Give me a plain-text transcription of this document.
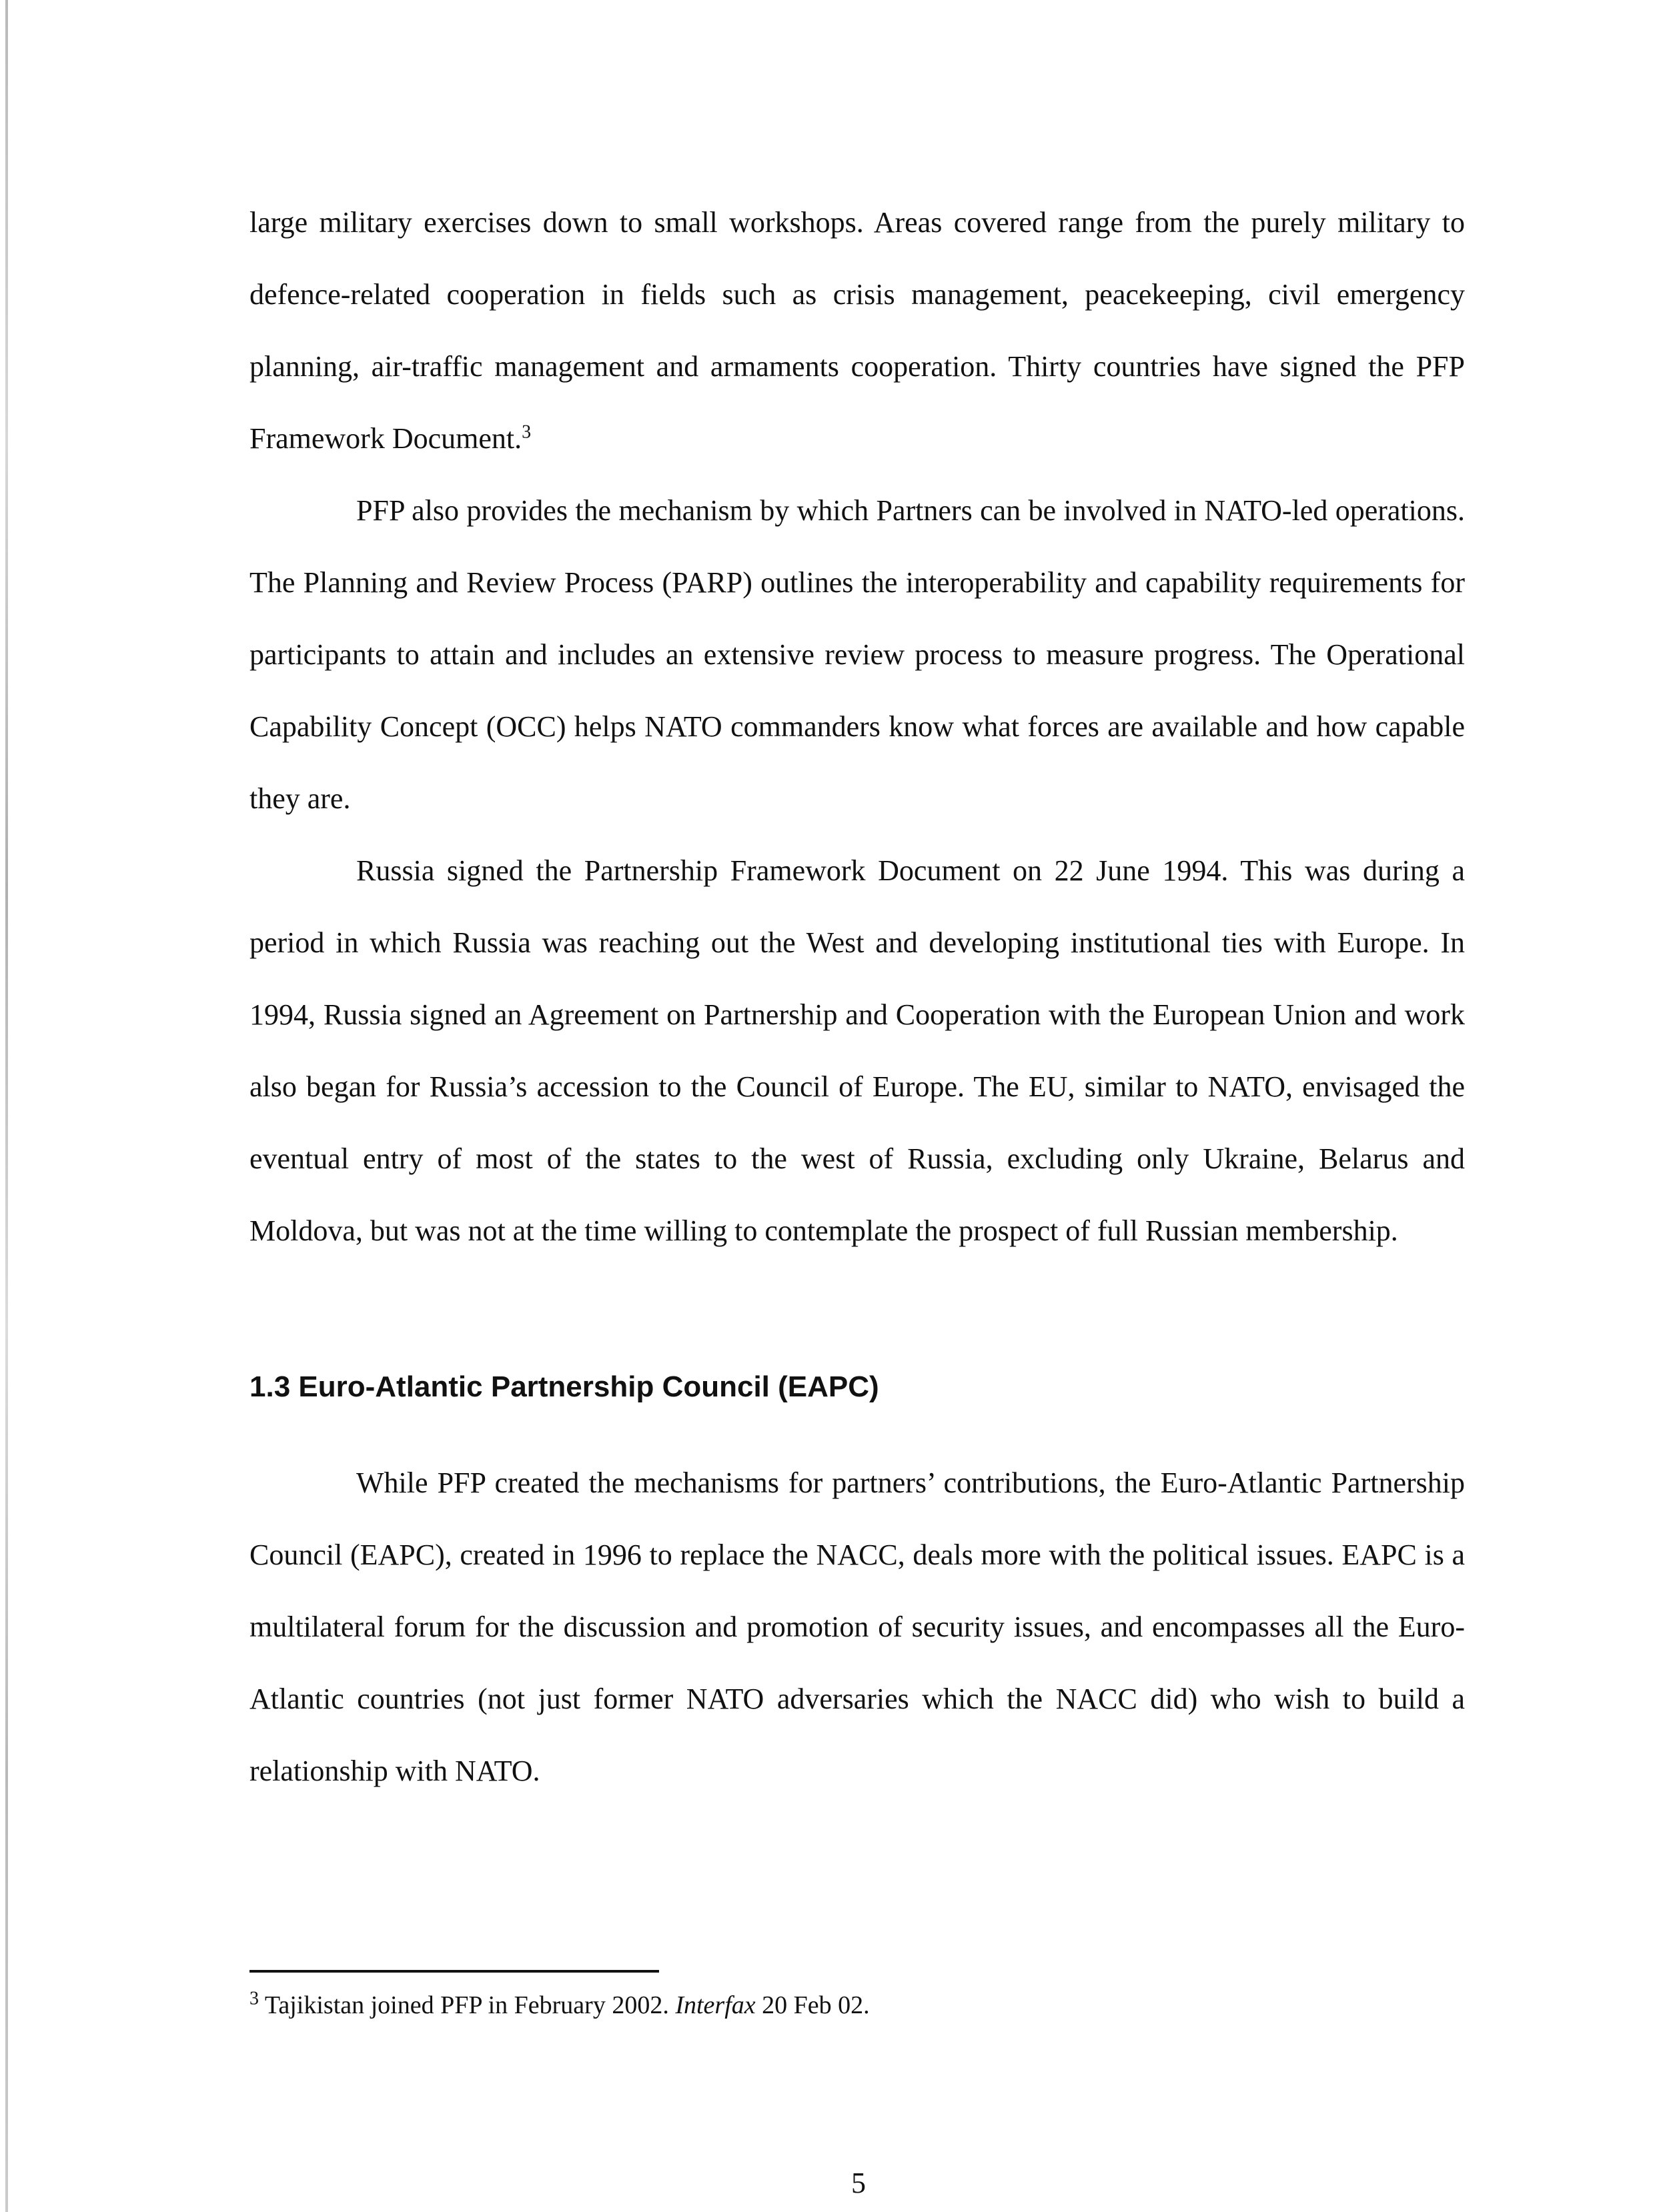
large military exercises down to small workshops. Areas covered range from the purely military to defence-related cooperation in fields such as crisis management, peacekeeping, civil emergency planning, air-traffic management and armaments cooperation. Thirty countries have signed the PFP Framework Document.$^3$

PFP also provides the mechanism by which Partners can be involved in NATO-led operations. The Planning and Review Process (PARP) outlines the interoperability and capability requirements for participants to attain and includes an extensive review process to measure progress. The Operational Capability Concept (OCC) helps NATO commanders know what forces are available and how capable they are.

Russia signed the Partnership Framework Document on 22 June 1994. This was during a period in which Russia was reaching out the West and developing institutional ties with Europe. In 1994, Russia signed an Agreement on Partnership and Cooperation with the European Union and work also began for Russia’s accession to the Council of Europe. The EU, similar to NATO, envisaged the eventual entry of most of the states to the west of Russia, excluding only Ukraine, Belarus and Moldova, but was not at the time willing to contemplate the prospect of full Russian membership.

1.3 Euro-Atlantic Partnership Council (EAPC)

While PFP created the mechanisms for partners’ contributions, the Euro-Atlantic Partnership Council (EAPC), created in 1996 to replace the NACC, deals more with the political issues. EAPC is a multilateral forum for the discussion and promotion of security issues, and encompasses all the Euro-Atlantic countries (not just former NATO adversaries which the NACC did) who wish to build a relationship with NATO.

$^3$ Tajikistan joined PFP in February 2002. Interfax 20 Feb 02.

5
